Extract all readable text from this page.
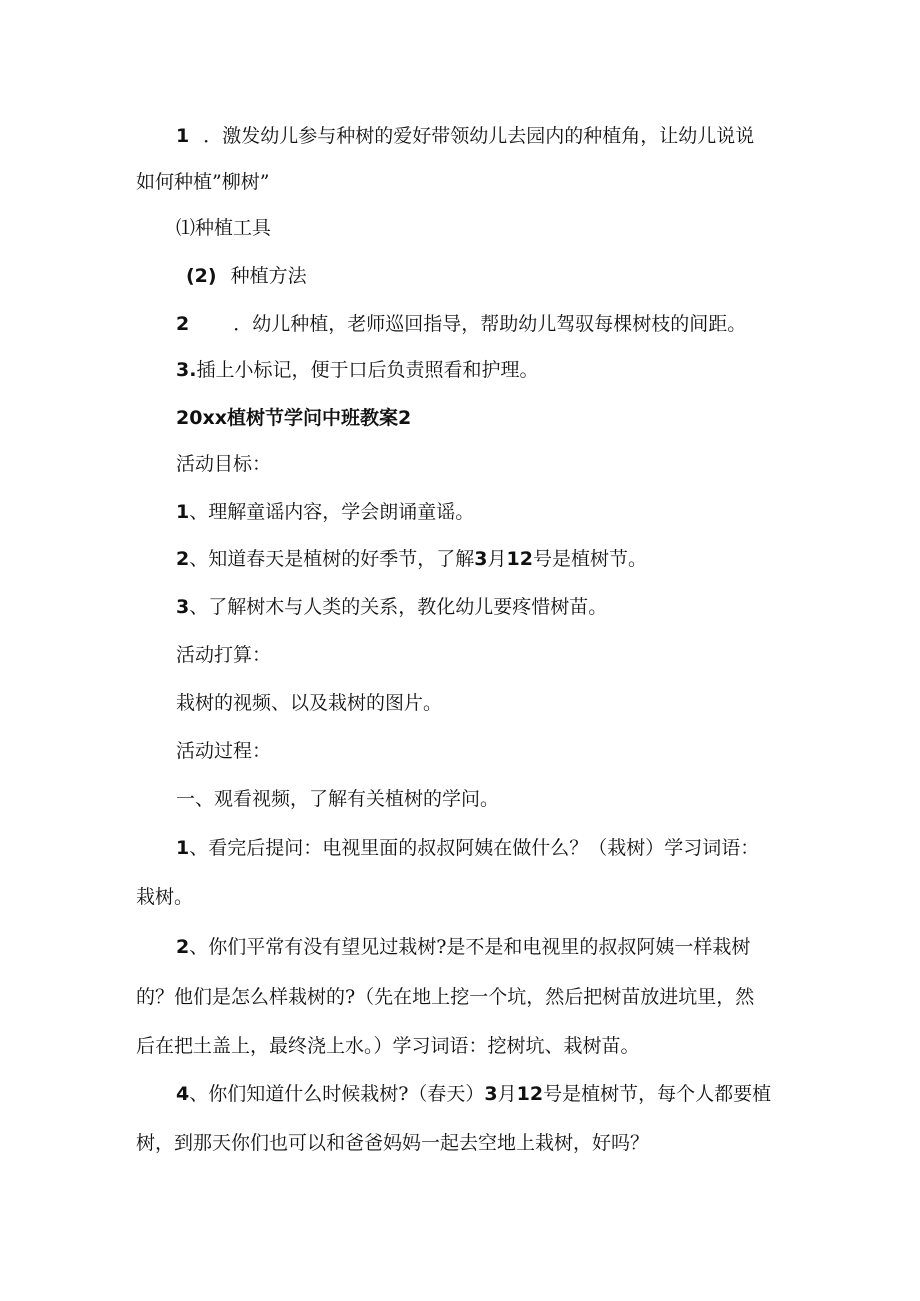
1 ．激发幼儿参与种树的爱好带领幼儿去园内的种植角，让幼儿说说
如何种植”柳树”
⑴种植工具
(2) 种植方法
2 ．幼儿种植，老师巡回指导，帮助幼儿驾驭每棵树枝的间距。
3.插上小标记，便于口后负责照看和护理。
20xx植树节学问中班教案2
活动目标：
1、理解童谣内容，学会朗诵童谣。
2、知道春天是植树的好季节，了解3月12号是植树节。
3、了解树木与人类的关系，教化幼儿要疼惜树苗。
活动打算：
栽树的视频、以及栽树的图片。
活动过程：
一、观看视频，了解有关植树的学问。
1、看完后提问：电视里面的叔叔阿姨在做什么？（栽树）学习词语：
栽树。
2、你们平常有没有望见过栽树?是不是和电视里的叔叔阿姨一样栽树
的？他们是怎么样栽树的?（先在地上挖一个坑，然后把树苗放进坑里，然
后在把土盖上，最终浇上水。）学习词语：挖树坑、栽树苗。
4、你们知道什么时候栽树?（春天）3月12号是植树节，每个人都要植
树，到那天你们也可以和爸爸妈妈一起去空地上栽树，好吗？
